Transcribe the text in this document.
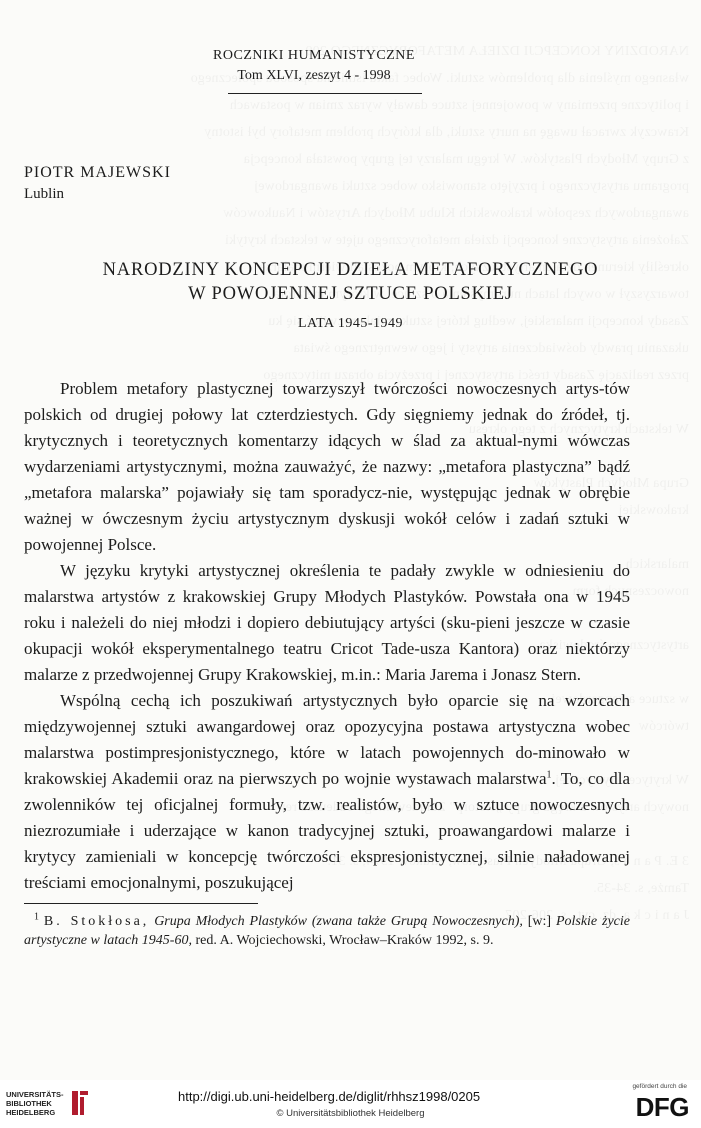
ROCZNIKI HUMANISTYCZNE
Tom XLVI, zeszyt 4 - 1998
PIOTR MAJEWSKI
Lublin
NARODZINY KONCEPCJI DZIEŁA METAFORYCZNEGO
W POWOJENNEJ SZTUCE POLSKIEJ
LATA 1945-1949

Problem metafory plastycznej towarzyszył twórczości nowoczesnych artys-tów polskich od drugiej połowy lat czterdziestych. Gdy sięgniemy jednak do źródeł, tj. krytycznych i teoretycznych komentarzy idących w ślad za aktual-nymi wówczas wydarzeniami artystycznymi, można zauważyć, że nazwy: „metafora plastyczna” bądź „metafora malarska” pojawiały się tam sporadycz-nie, występując jednak w obrębie ważnej w ówczesnym życiu artystycznym dyskusji wokół celów i zadań sztuki w powojennej Polsce.

W języku krytyki artystycznej określenia te padały zwykle w odniesieniu do malarstwa artystów z krakowskiej Grupy Młodych Plastyków. Powstała ona w 1945 roku i należeli do niej młodzi i dopiero debiutujący artyści (sku-pieni jeszcze w czasie okupacji wokół eksperymentalnego teatru Cricot Tade-usza Kantora) oraz niektórzy malarze z przedwojennej Grupy Krakowskiej, m.in.: Maria Jarema i Jonasz Stern.

Wspólną cechą ich poszukiwań artystycznych było oparcie się na wzorcach międzywojennej sztuki awangardowej oraz opozycyjna postawa artystyczna wobec malarstwa postimpresjonistycznego, które w latach powojennych do-minowało w krakowskiej Akademii oraz na pierwszych po wojnie wystawach malarstwa$^1$. To, co dla zwolenników tej oficjalnej formuły, tzw. realistów, było w sztuce nowoczesnych niezrozumiałe i uderzające w kanon tradycyjnej sztuki, proawangardowi malarze i krytycy zamieniali w koncepcję twórczości ekspresjonistycznej, silnie naładowanej treściami emocjonalnymi, poszukującej

$^1$ B. Stokłosa, Grupa Młodych Plastyków (zwana także Grupą Nowoczesnych), [w:] Polskie życie artystyczne w latach 1945-60, red. A. Wojciechowski, Wrocław–Kraków 1992, s. 9.

UNIVERSITÄTS-
BIBLIOTHEK
HEIDELBERG
http://digi.ub.uni-heidelberg.de/diglit/rhhsz1998/0205
© Universitätsbibliothek Heidelberg
gefördert durch die
DFG
